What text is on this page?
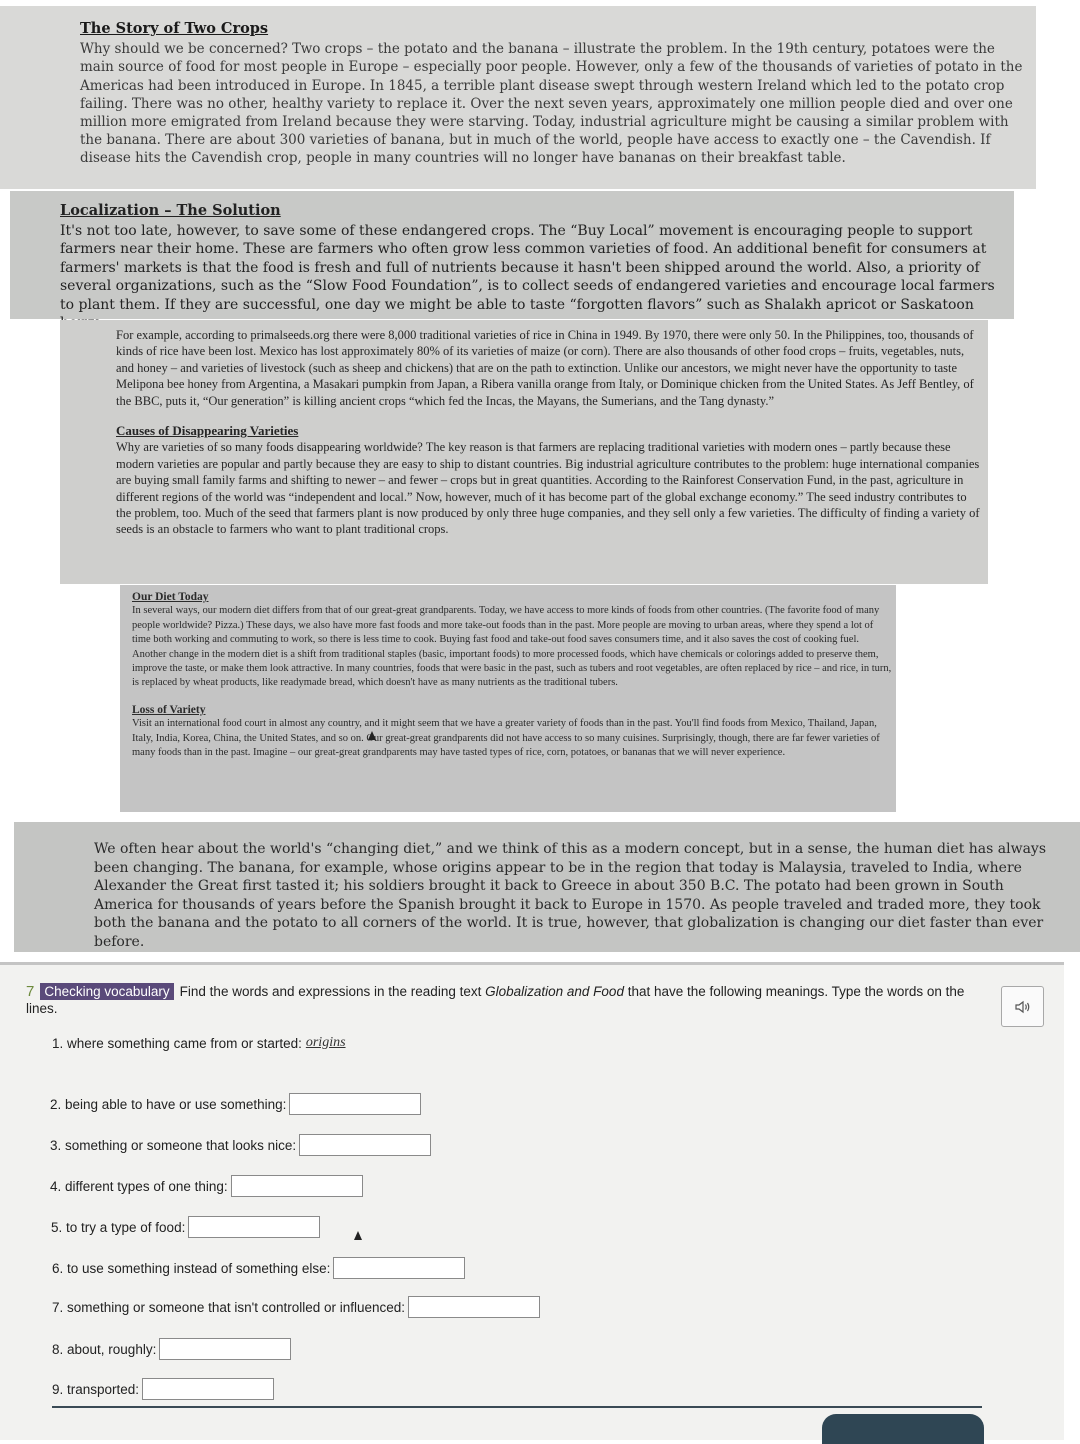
The Story of Two Crops

Why should we be concerned? Two crops – the potato and the banana – illustrate the problem. In the 19th century, potatoes were the main source of food for most people in Europe – especially poor people. However, only a few of the thousands of varieties of potato in the Americas had been introduced in Europe. In 1845, a terrible plant disease swept through western Ireland which led to the potato crop failing. There was no other, healthy variety to replace it. Over the next seven years, approximately one million people died and over one million more emigrated from Ireland because they were starving. Today, industrial agriculture might be causing a similar problem with the banana. There are about 300 varieties of banana, but in much of the world, people have access to exactly one – the Cavendish. If disease hits the Cavendish crop, people in many countries will no longer have bananas on their breakfast table.

Localization – The Solution

It's not too late, however, to save some of these endangered crops. The “Buy Local” movement is encouraging people to support farmers near their home. These are farmers who often grow less common varieties of food. An additional benefit for consumers at farmers' markets is that the food is fresh and full of nutrients because it hasn't been shipped around the world. Also, a priority of several organizations, such as the “Slow Food Foundation”, is to collect seeds of endangered varieties and encourage local farmers to plant them. If they are successful, one day we might be able to taste “forgotten flavors” such as Shalakh apricot or Saskatoon

For example, according to primalseeds.org there were 8,000 traditional varieties of rice in China in 1949. By 1970, there were only 50. In the Philippines, too, thousands of kinds of rice have been lost. Mexico has lost approximately 80% of its varieties of maize (or corn). There are also thousands of other food crops – fruits, vegetables, nuts, and honey – and varieties of livestock (such as sheep and chickens) that are on the path to extinction. Unlike our ancestors, we might never have the opportunity to taste Melipona bee honey from Argentina, a Masakari pumpkin from Japan, a Ribera vanilla orange from Italy, or Dominique chicken from the United States. As Jeff Bentley, of the BBC, puts it, “Our generation” is killing ancient crops “which fed the Incas, the Mayans, the Sumerians, and the Tang dynasty.”

Causes of Disappearing Varieties

Why are varieties of so many foods disappearing worldwide? The key reason is that farmers are replacing traditional varieties with modern ones – partly because these modern varieties are popular and partly because they are easy to ship to distant countries. Big industrial agriculture contributes to the problem: huge international companies are buying small family farms and shifting to newer – and fewer – crops but in great quantities. According to the Rainforest Conservation Fund, in the past, agriculture in different regions of the world was “independent and local.” Now, however, much of it has become part of the global exchange economy.” The seed industry contributes to the problem, too. Much of the seed that farmers plant is now produced by only three huge companies, and they sell only a few varieties. The difficulty of finding a variety of seeds is an obstacle to farmers who want to plant traditional crops.

Our Diet Today

In several ways, our modern diet differs from that of our great-great grandparents. Today, we have access to more kinds of foods from other countries. (The favorite food of many people worldwide? Pizza.) These days, we also have more fast foods and more take-out foods than in the past. More people are moving to urban areas, where they spend a lot of time both working and commuting to work, so there is less time to cook. Buying fast food and take-out food saves consumers time, and it also saves the cost of cooking fuel. Another change in the modern diet is a shift from traditional staples (basic, important foods) to more processed foods, which have chemicals or colorings added to preserve them, improve the taste, or make them look attractive. In many countries, foods that were basic in the past, such as tubers and root vegetables, are often replaced by rice – and rice, in turn, is replaced by wheat products, like readymade bread, which doesn't have as many nutrients as the traditional tubers.

Loss of Variety

Visit an international food court in almost any country, and it might seem that we have a greater variety of foods than in the past. You'll find foods from Mexico, Thailand, Japan, Italy, India, Korea, China, the United States, and so on. Our great-great grandparents did not have access to so many cuisines. Surprisingly, though, there are far fewer varieties of many foods than in the past. Imagine – our great-great grandparents may have tasted types of rice, corn, potatoes, or bananas that we will never experience.

We often hear about the world's “changing diet,” and we think of this as a modern concept, but in a sense, the human diet has always been changing. The banana, for example, whose origins appear to be in the region that today is Malaysia, traveled to India, where Alexander the Great first tasted it; his soldiers brought it back to Greece in about 350 B.C. The potato had been grown in South America for thousands of years before the Spanish brought it back to Europe in 1570. As people traveled and traded more, they took both the banana and the potato to all corners of the world. It is true, however, that globalization is changing our diet faster than ever before.

7 Checking vocabulary Find the words and expressions in the reading text Globalization and Food that have the following meanings. Type the words on the lines.
1. where something came from or started: origins
2. being able to have or use something:
3. something or someone that looks nice:
4. different types of one thing:
5. to try a type of food:
6. to use something instead of something else:
7. something or someone that isn't controlled or influenced:
8. about, roughly:
9. transported:
